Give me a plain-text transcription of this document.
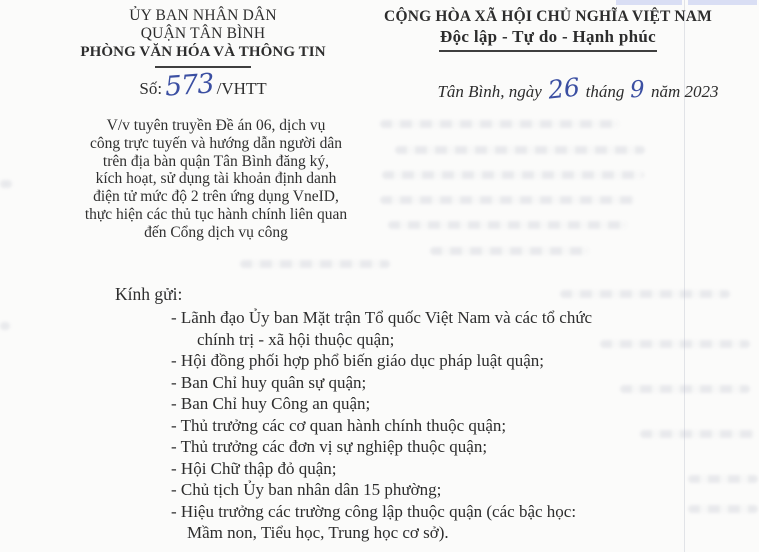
ỦY BAN NHÂN DÂN
QUẬN TÂN BÌNH
PHÒNG VĂN HÓA VÀ THÔNG TIN
Số: 573 /VHTT
CỘNG HÒA XÃ HỘI CHỦ NGHĨA VIỆT NAM
Độc lập - Tự do - Hạnh phúc
Tân Bình, ngày 26 tháng 9 năm 2023
V/v tuyên truyền Đề án 06, dịch vụ
công trực tuyến và hướng dẫn người dân
trên địa bàn quận Tân Bình đăng ký,
kích hoạt, sử dụng tài khoản định danh
điện tử mức độ 2 trên ứng dụng VneID,
thực hiện các thủ tục hành chính liên quan
đến Cổng dịch vụ công
Kính gửi:
- Lãnh đạo Ủy ban Mặt trận Tổ quốc Việt Nam và các tổ chức
chính trị - xã hội thuộc quận;
- Hội đồng phối hợp phổ biến giáo dục pháp luật quận;
- Ban Chỉ huy quân sự quận;
- Ban Chỉ huy Công an quận;
- Thủ trưởng các cơ quan hành chính thuộc quận;
- Thủ trưởng các đơn vị sự nghiệp thuộc quận;
- Hội Chữ thập đỏ quận;
- Chủ tịch Ủy ban nhân dân 15 phường;
- Hiệu trưởng các trường công lập thuộc quận (các bậc học:
Mầm non, Tiểu học, Trung học cơ sở).
